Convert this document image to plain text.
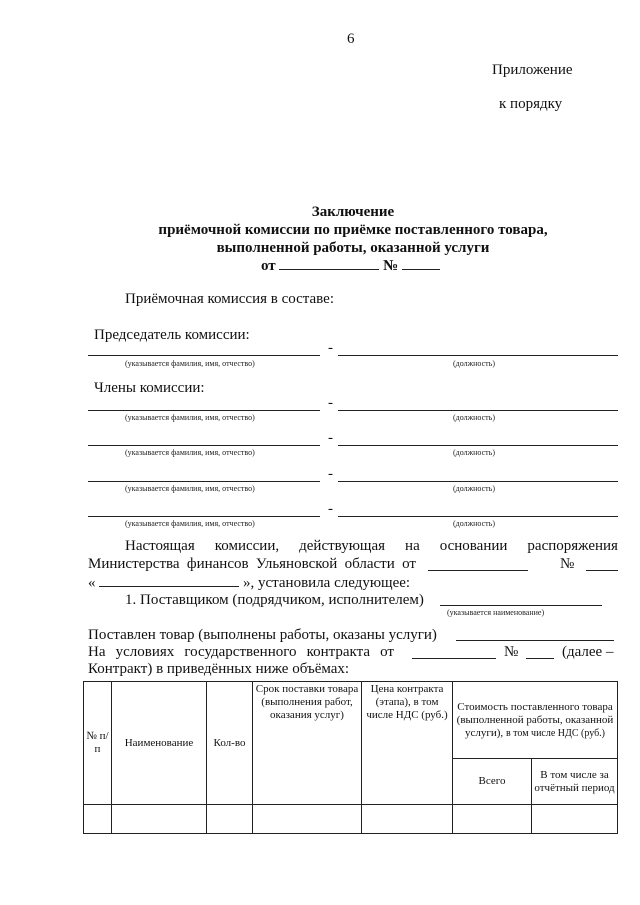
6
Приложение
к порядку
Заключение
приёмочной комиссии по приёмке поставленного товара,
выполненной работы, оказанной услуги
от	№
Приёмочная комиссия в составе:
Председатель комиссии:
-
(указывается фамилия, имя, отчество)	(должность)
Члены комиссии:
-
(указывается фамилия, имя, отчество)	(должность)
-
(указывается фамилия, имя, отчество)	(должность)
-
(указывается фамилия, имя, отчество)	(должность)
-
(указывается фамилия, имя, отчество)	(должность)
Настоящая комиссии, действующая на основании распоряжения
Министерства финансов Ульяновской области от	№
«	», установила следующее:
1. Поставщиком (подрядчиком, исполнителем)
(указывается наименование)
Поставлен товар (выполнены работы, оказаны услуги)
На условиях государственного контракта от	№	(далее –
Контракт) в приведённых ниже объёмах:
№ п/п	Наименование	Кол-во	Срок поставки товара (выполнения работ, оказания услуг)	Цена контракта (этапа), в том числе НДС (руб.)	Стоимость поставленного товара (выполненной работы, оказанной услуги), в том числе НДС (руб.)	
					Всего	В том числе за отчётный период
